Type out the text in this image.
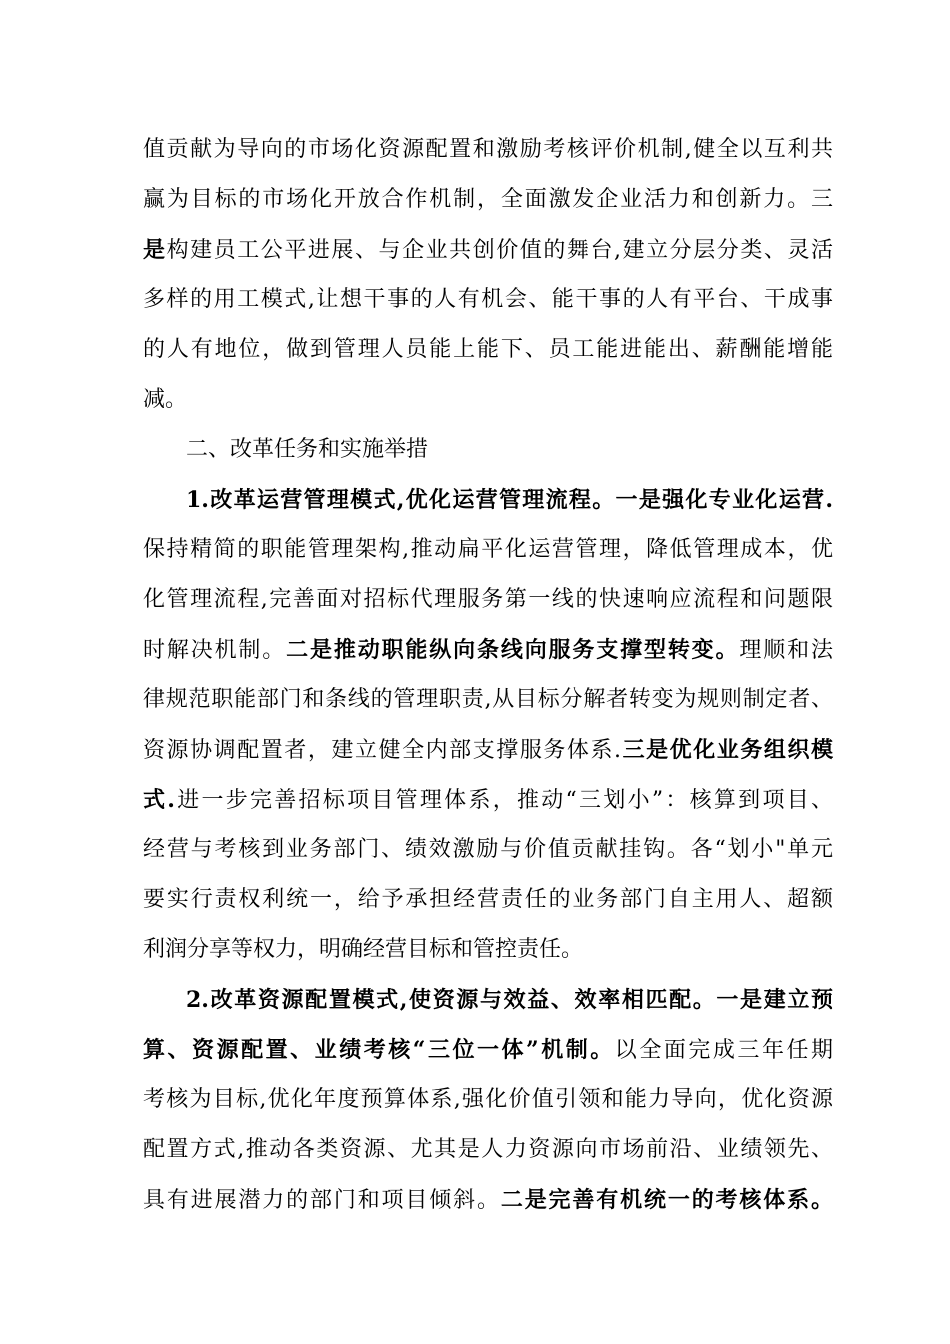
值贡献为导向的市场化资源配置和激励考核评价机制,健全以互利共
赢为目标的市场化开放合作机制，全面激发企业活力和创新力。三
是构建员工公平进展、与企业共创价值的舞台,建立分层分类、灵活
多样的用工模式,让想干事的人有机会、能干事的人有平台、干成事
的人有地位，做到管理人员能上能下、员工能进能出、薪酬能增能
减。
二、改革任务和实施举措
1.改革运营管理模式,优化运营管理流程。一是强化专业化运营.
保持精简的职能管理架构,推动扁平化运营管理，降低管理成本，优
化管理流程,完善面对招标代理服务第一线的快速响应流程和问题限
时解决机制。二是推动职能纵向条线向服务支撑型转变。理顺和法
律规范职能部门和条线的管理职责,从目标分解者转变为规则制定者、
资源协调配置者，建立健全内部支撑服务体系.三是优化业务组织模
式.进一步完善招标项目管理体系，推动“三划小”：核算到项目、
经营与考核到业务部门、绩效激励与价值贡献挂钩。各“划小"单元
要实行责权利统一，给予承担经营责任的业务部门自主用人、超额
利润分享等权力，明确经营目标和管控责任。
2.改革资源配置模式,使资源与效益、效率相匹配。一是建立预
算、资源配置、业绩考核“三位一体”机制。以全面完成三年任期
考核为目标,优化年度预算体系,强化价值引领和能力导向，优化资源
配置方式,推动各类资源、尤其是人力资源向市场前沿、业绩领先、
具有进展潜力的部门和项目倾斜。二是完善有机统一的考核体系。
